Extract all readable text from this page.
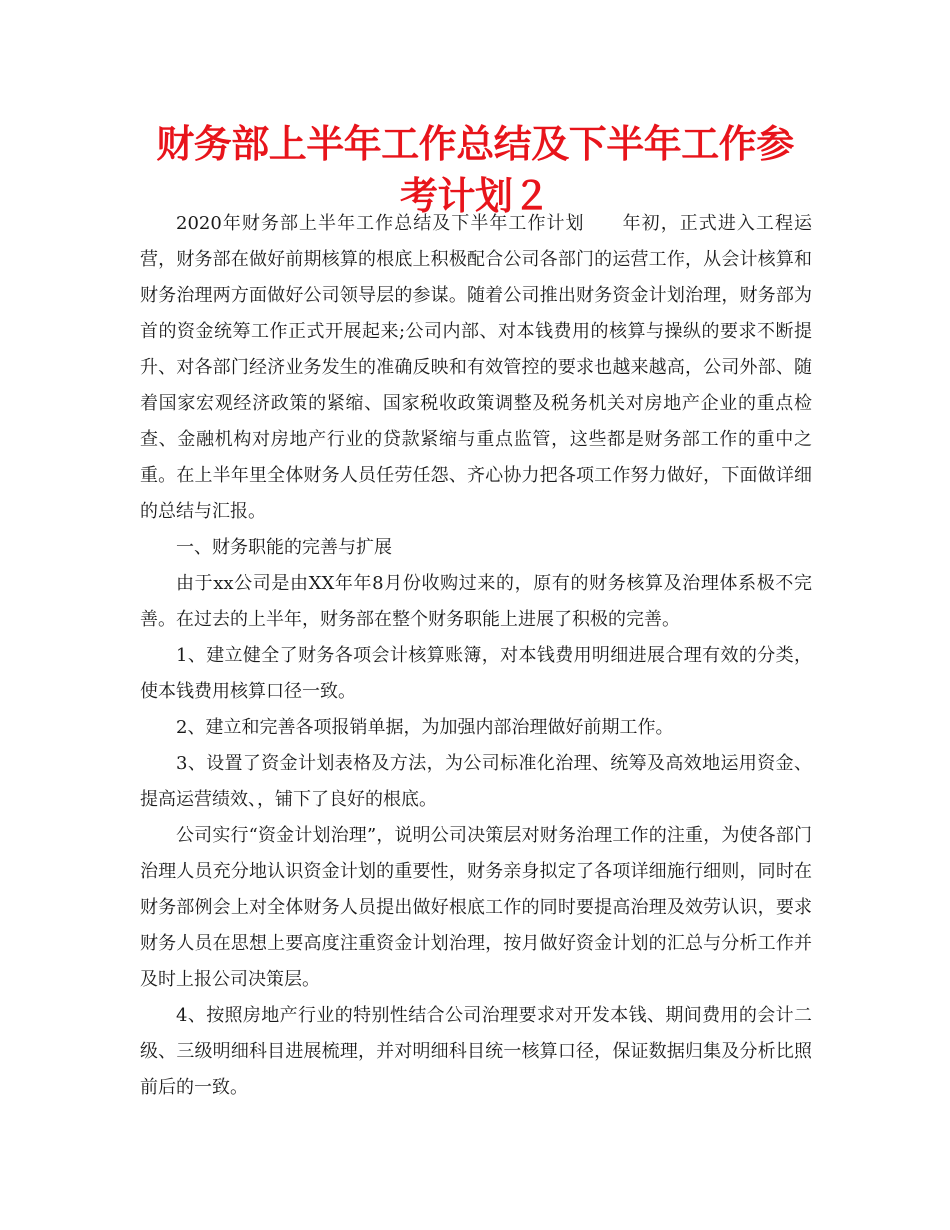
财务部上半年工作总结及下半年工作参考计划２

2020年财务部上半年工作总结及下半年工作计划　　年初，正式进入工程运营，财务部在做好前期核算的根底上积极配合公司各部门的运营工作，从会计核算和财务治理两方面做好公司领导层的参谋。随着公司推出财务资金计划治理，财务部为首的资金统筹工作正式开展起来;公司内部、对本钱费用的核算与操纵的要求不断提升、对各部门经济业务发生的准确反映和有效管控的要求也越来越高，公司外部、随着国家宏观经济政策的紧缩、国家税收政策调整及税务机关对房地产企业的重点检查、金融机构对房地产行业的贷款紧缩与重点监管，这些都是财务部工作的重中之重。在上半年里全体财务人员任劳任怨、齐心协力把各项工作努力做好，下面做详细的总结与汇报。

一、财务职能的完善与扩展

由于xx公司是由XX年年8月份收购过来的，原有的财务核算及治理体系极不完善。在过去的上半年，财务部在整个财务职能上进展了积极的完善。

1、建立健全了财务各项会计核算账簿，对本钱费用明细进展合理有效的分类，使本钱费用核算口径一致。

2、建立和完善各项报销单据，为加强内部治理做好前期工作。

3、设置了资金计划表格及方法，为公司标准化治理、统筹及高效地运用资金、提高运营绩效、，铺下了良好的根底。

公司实行“资金计划治理”，说明公司决策层对财务治理工作的注重，为使各部门治理人员充分地认识资金计划的重要性，财务亲身拟定了各项详细施行细则，同时在财务部例会上对全体财务人员提出做好根底工作的同时要提高治理及效劳认识，要求财务人员在思想上要高度注重资金计划治理，按月做好资金计划的汇总与分析工作并及时上报公司决策层。

4、按照房地产行业的特别性结合公司治理要求对开发本钱、期间费用的会计二级、三级明细科目进展梳理，并对明细科目统一核算口径，保证数据归集及分析比照前后的一致。
